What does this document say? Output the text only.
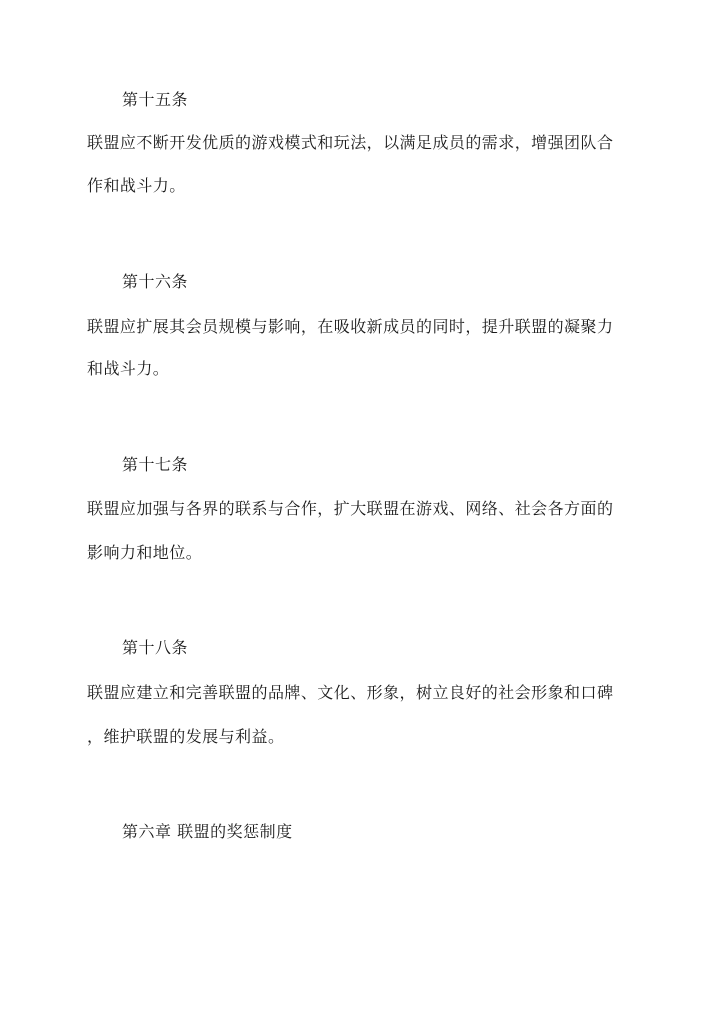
第十五条
联盟应不断开发优质的游戏模式和玩法，以满足成员的需求，增强团队合
作和战斗力。
第十六条
联盟应扩展其会员规模与影响，在吸收新成员的同时，提升联盟的凝聚力
和战斗力。
第十七条
联盟应加强与各界的联系与合作，扩大联盟在游戏、网络、社会各方面的
影响力和地位。
第十八条
联盟应建立和完善联盟的品牌、文化、形象，树立良好的社会形象和口碑
，维护联盟的发展与利益。
第六章 联盟的奖惩制度
